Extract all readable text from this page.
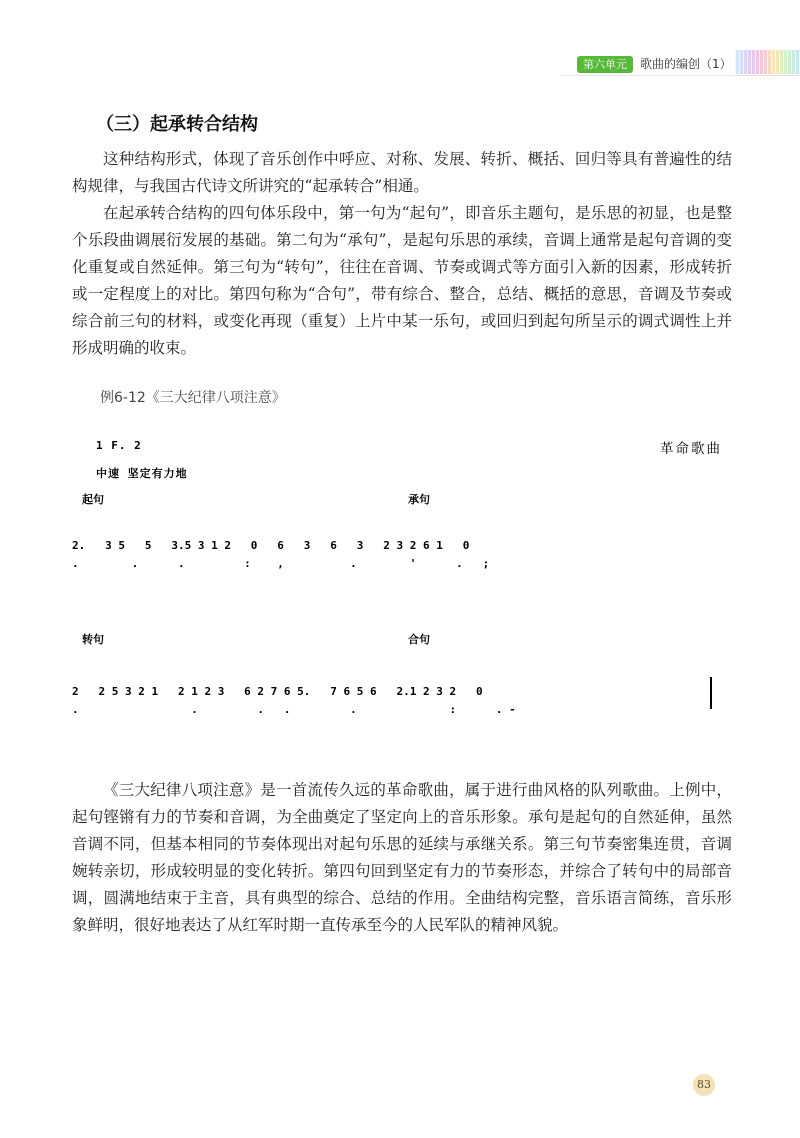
第六单元	歌曲的编创（1）
（三）起承转合结构
这种结构形式，体现了音乐创作中呼应、对称、发展、转折、概括、回归等具有普遍性的结构规律，与我国古代诗文所讲究的“起承转合”相通。
在起承转合结构的四句体乐段中，第一句为“起句”，即音乐主题句，是乐思的初显，也是整个乐段曲调展衍发展的基础。第二句为“承句”，是起句乐思的承续，音调上通常是起句音调的变化重复或自然延伸。第三句为“转句”，往往在音调、节奏或调式等方面引入新的因素，形成转折或一定程度上的对比。第四句称为“合句”，带有综合、整合，总结、概括的意思，音调及节奏或综合前三句的材料，或变化再现（重复）上片中某一乐句，或回归到起句所呈示的调式调性上并形成明确的收束。
例6-12《三大纪律八项注意》
1 F. 2
中速 坚定有力地
革命歌曲
起句	承句
2.   3 5   5   3.5 3 1 2   0   6   3   6   3   2 3 2 6 1   0
.        .      .         :    ,          .        '      .   ;
转句	合句
2   2 5 3 2 1   2 1 2 3   6 2 7 6 5.   7 6 5 6   2.1 2 3 2   0
.                 .         .   .         .              :      . -
《三大纪律八项注意》是一首流传久远的革命歌曲，属于进行曲风格的队列歌曲。上例中，起句铿锵有力的节奏和音调，为全曲奠定了坚定向上的音乐形象。承句是起句的自然延伸，虽然音调不同，但基本相同的节奏体现出对起句乐思的延续与承继关系。第三句节奏密集连贯，音调婉转亲切，形成较明显的变化转折。第四句回到坚定有力的节奏形态，并综合了转句中的局部音调，圆满地结束于主音，具有典型的综合、总结的作用。全曲结构完整，音乐语言简练，音乐形象鲜明，很好地表达了从红军时期一直传承至今的人民军队的精神风貌。
83
